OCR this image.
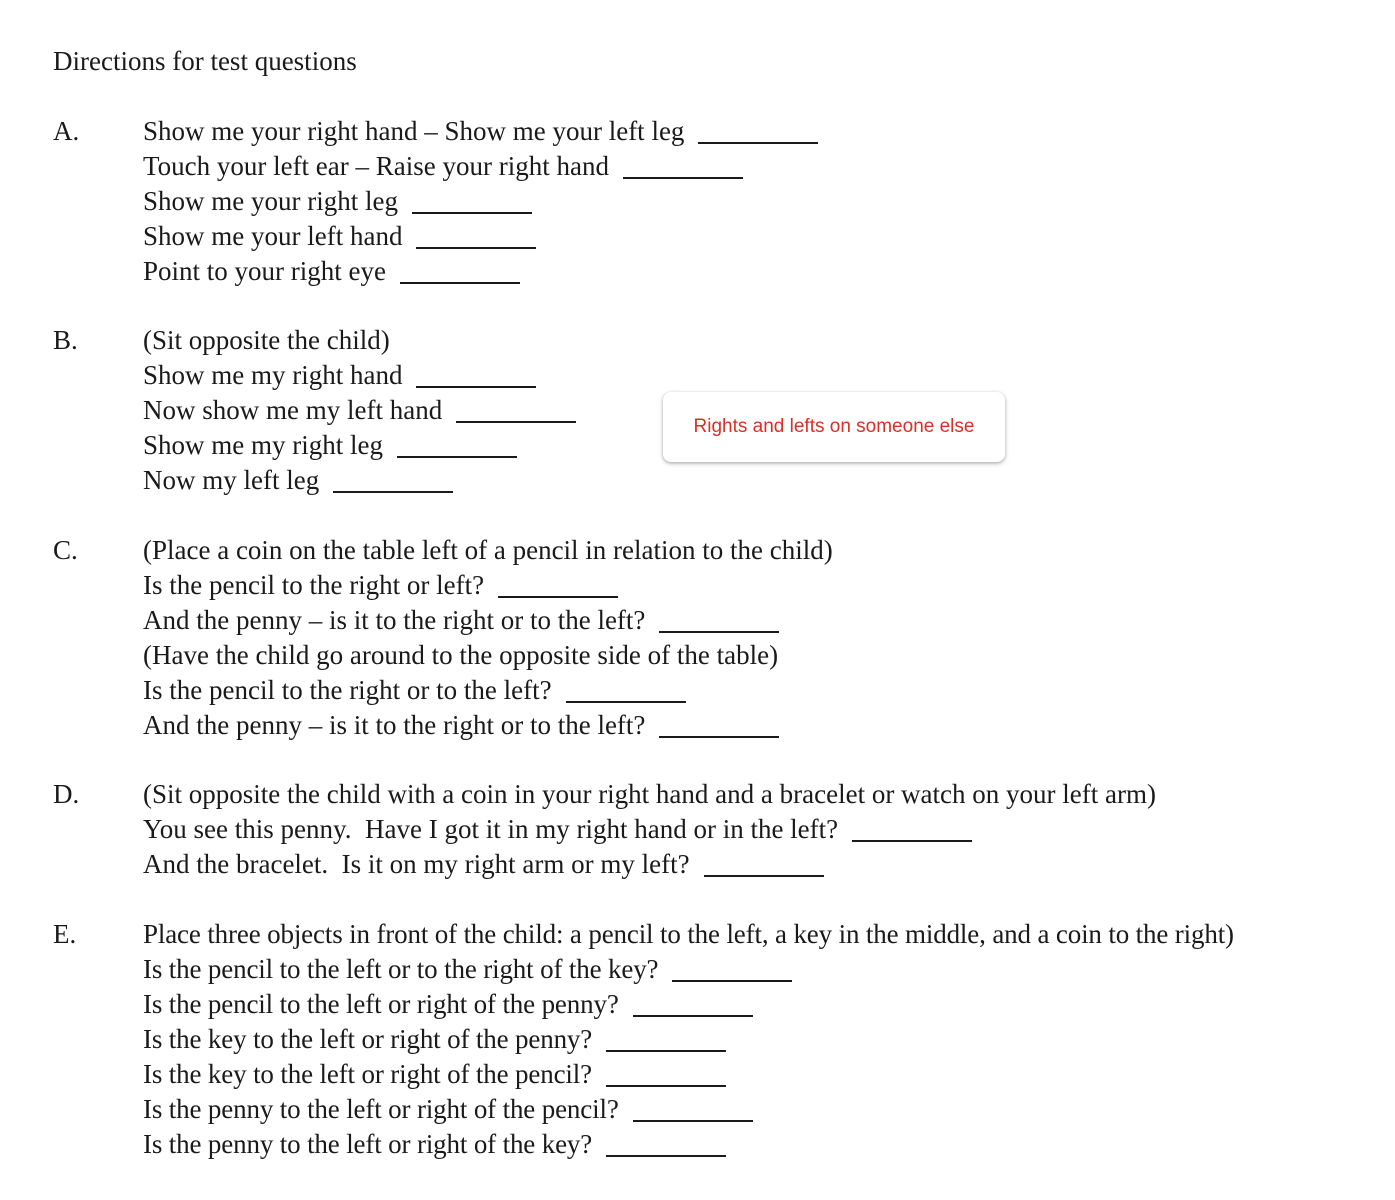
Directions for test questions
A. Show me your right hand – Show me your left leg
Touch your left ear – Raise your right hand
Show me your right leg
Show me your left hand
Point to your right eye
B. (Sit opposite the child)
Show me my right hand
Now show me my left hand
Show me my right leg
Now my left leg
C. (Place a coin on the table left of a pencil in relation to the child)
Is the pencil to the right or left?
And the penny – is it to the right or to the left?
(Have the child go around to the opposite side of the table)
Is the pencil to the right or to the left?
And the penny – is it to the right or to the left?
D. (Sit opposite the child with a coin in your right hand and a bracelet or watch on your left arm)
You see this penny.  Have I got it in my right hand or in the left?
And the bracelet.  Is it on my right arm or my left?
E. Place three objects in front of the child: a pencil to the left, a key in the middle, and a coin to the right)
Is the pencil to the left or to the right of the key?
Is the pencil to the left or right of the penny?
Is the key to the left or right of the penny?
Is the key to the left or right of the pencil?
Is the penny to the left or right of the pencil?
Is the penny to the left or right of the key?
Rights and lefts on someone else
